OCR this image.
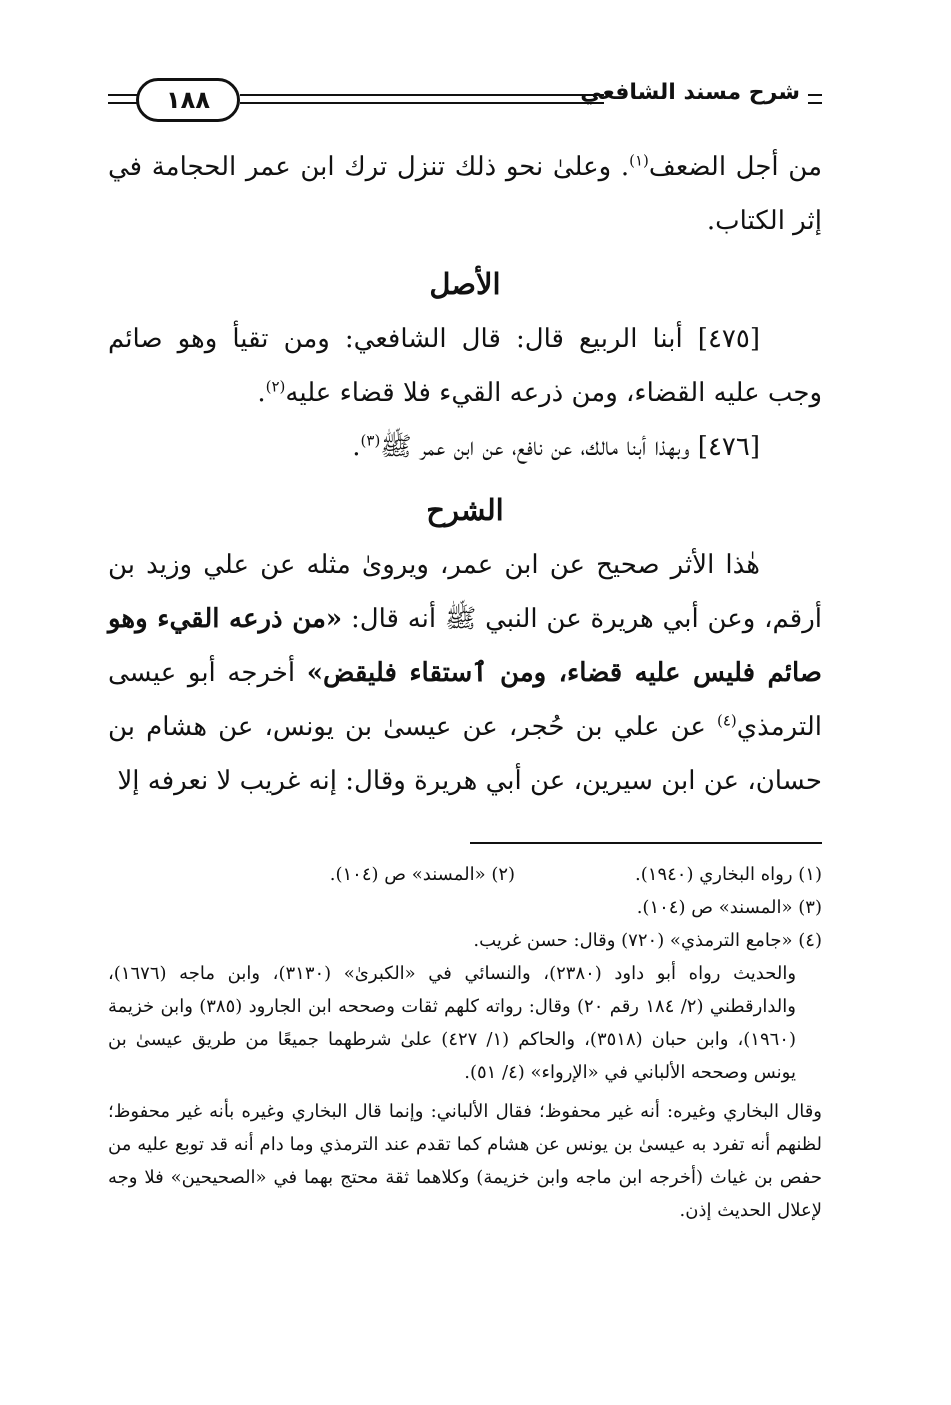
شرح مسند الشافعي
١٨٨

من أجل الضعف$^{(١)}$. وعلىٰ نحو ذلك تنزل ترك ابن عمر الحجامة في إثر الكتاب.

الأصل

[٤٧٥] أبنا الربيع قال: قال الشافعي: ومن تقيأ وهو صائم وجب عليه القضاء، ومن ذرعه القيء فلا قضاء عليه$^{(٢)}$.

[٤٧٦] وبهذا أبنا مالك، عن نافع، عن ابن عمر ﷺ$^{(٣)}$.

الشرح

هٰذا الأثر صحيح عن ابن عمر، ويروىٰ مثله عن علي وزيد بن أرقم، وعن أبي هريرة عن النبي ﷺ أنه قال: «من ذرعه القيء وهو صائم فليس عليه قضاء، ومن ٱستقاء فليقض» أخرجه أبو عيسى الترمذي$^{(٤)}$ عن علي بن حُجر، عن عيسىٰ بن يونس، عن هشام بن حسان، عن ابن سيرين، عن أبي هريرة وقال: إنه غريب لا نعرفه إلا

(١) رواه البخاري (١٩٤٠).

(٢) «المسند» ص (١٠٤).

(٣) «المسند» ص (١٠٤).

(٤) «جامع الترمذي» (٧٢٠) وقال: حسن غريب.

والحديث رواه أبو داود (٢٣٨٠)، والنسائي في «الكبرىٰ» (٣١٣٠)، وابن ماجه (١٦٧٦)، والدارقطني (٢/ ١٨٤ رقم ٢٠) وقال: رواته كلهم ثقات وصححه ابن الجارود (٣٨٥) وابن خزيمة (١٩٦٠)، وابن حبان (٣٥١٨)، والحاكم (١/ ٤٢٧) علىٰ شرطهما جميعًا من طريق عيسىٰ بن يونس وصححه الألباني في «الإرواء» (٤/ ٥١).

وقال البخاري وغيره: أنه غير محفوظ؛ فقال الألباني: وإنما قال البخاري وغيره بأنه غير محفوظ؛ لظنهم أنه تفرد به عيسىٰ بن يونس عن هشام كما تقدم عند الترمذي وما دام أنه قد توبع عليه من حفص بن غياث (أخرجه ابن ماجه وابن خزيمة) وكلاهما ثقة محتج بهما في «الصحيحين» فلا وجه لإعلال الحديث إذن.
